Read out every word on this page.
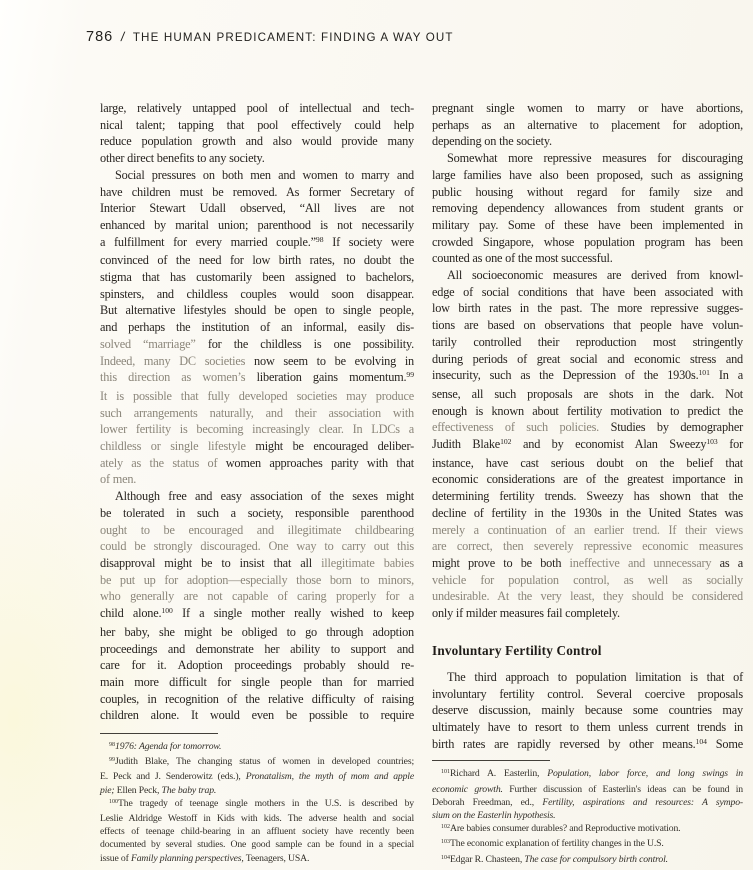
786 / THE HUMAN PREDICAMENT: FINDING A WAY OUT
large, relatively untapped pool of intellectual and tech-
nical talent; tapping that pool effectively could help
reduce population growth and also would provide many
other direct benefits to any society.
Social pressures on both men and women to marry and
have children must be removed. As former Secretary of
Interior Stewart Udall observed, “All lives are not
enhanced by marital union; parenthood is not necessarily
a fulfillment for every married couple.”$^{98}$ If society were
convinced of the need for low birth rates, no doubt the
stigma that has customarily been assigned to bachelors,
spinsters, and childless couples would soon disappear.
But alternative lifestyles should be open to single people,
and perhaps the institution of an informal, easily dis-
solved “marriage” for the childless is one possibility.
Indeed, many DC societies now seem to be evolving in
this direction as women’s liberation gains momentum.$^{99}$
It is possible that fully developed societies may produce
such arrangements naturally, and their association with
lower fertility is becoming increasingly clear. In LDCs a
childless or single lifestyle might be encouraged deliber-
ately as the status of women approaches parity with that
of men.
Although free and easy association of the sexes might
be tolerated in such a society, responsible parenthood
ought to be encouraged and illegitimate childbearing
could be strongly discouraged. One way to carry out this
disapproval might be to insist that all illegitimate babies
be put up for adoption—especially those born to minors,
who generally are not capable of caring properly for a
child alone.$^{100}$ If a single mother really wished to keep
her baby, she might be obliged to go through adoption
proceedings and demonstrate her ability to support and
care for it. Adoption proceedings probably should re-
main more difficult for single people than for married
couples, in recognition of the relative difficulty of raising
children alone. It would even be possible to require
$^{98}$1976: Agenda for tomorrow.
$^{99}$Judith Blake, The changing status of women in developed countries;
E. Peck and J. Senderowitz (eds.), Pronatalism, the myth of mom and apple
pie; Ellen Peck, The baby trap.
$^{100}$The tragedy of teenage single mothers in the U.S. is described by
Leslie Aldridge Westoff in Kids with kids. The adverse health and social
effects of teenage child-bearing in an affluent society have recently been
documented by several studies. One good sample can be found in a special
issue of Family planning perspectives, Teenagers, USA.
pregnant single women to marry or have abortions,
perhaps as an alternative to placement for adoption,
depending on the society.
Somewhat more repressive measures for discouraging
large families have also been proposed, such as assigning
public housing without regard for family size and
removing dependency allowances from student grants or
military pay. Some of these have been implemented in
crowded Singapore, whose population program has been
counted as one of the most successful.
All socioeconomic measures are derived from knowl-
edge of social conditions that have been associated with
low birth rates in the past. The more repressive sugges-
tions are based on observations that people have volun-
tarily controlled their reproduction most stringently
during periods of great social and economic stress and
insecurity, such as the Depression of the 1930s.$^{101}$ In a
sense, all such proposals are shots in the dark. Not
enough is known about fertility motivation to predict the
effectiveness of such policies. Studies by demographer
Judith Blake$^{102}$ and by economist Alan Sweezy$^{103}$ for
instance, have cast serious doubt on the belief that
economic considerations are of the greatest importance in
determining fertility trends. Sweezy has shown that the
decline of fertility in the 1930s in the United States was
merely a continuation of an earlier trend. If their views
are correct, then severely repressive economic measures
might prove to be both ineffective and unnecessary as a
vehicle for population control, as well as socially
undesirable. At the very least, they should be considered
only if milder measures fail completely.
Involuntary Fertility Control
The third approach to population limitation is that of
involuntary fertility control. Several coercive proposals
deserve discussion, mainly because some countries may
ultimately have to resort to them unless current trends in
birth rates are rapidly reversed by other means.$^{104}$ Some
$^{101}$Richard A. Easterlin, Population, labor force, and long swings in
economic growth. Further discussion of Easterlin's ideas can be found in
Deborah Freedman, ed., Fertility, aspirations and resources: A sympo-
sium on the Easterlin hypothesis.
$^{102}$Are babies consumer durables? and Reproductive motivation.
$^{103}$The economic explanation of fertility changes in the U.S.
$^{104}$Edgar R. Chasteen, The case for compulsory birth control.
